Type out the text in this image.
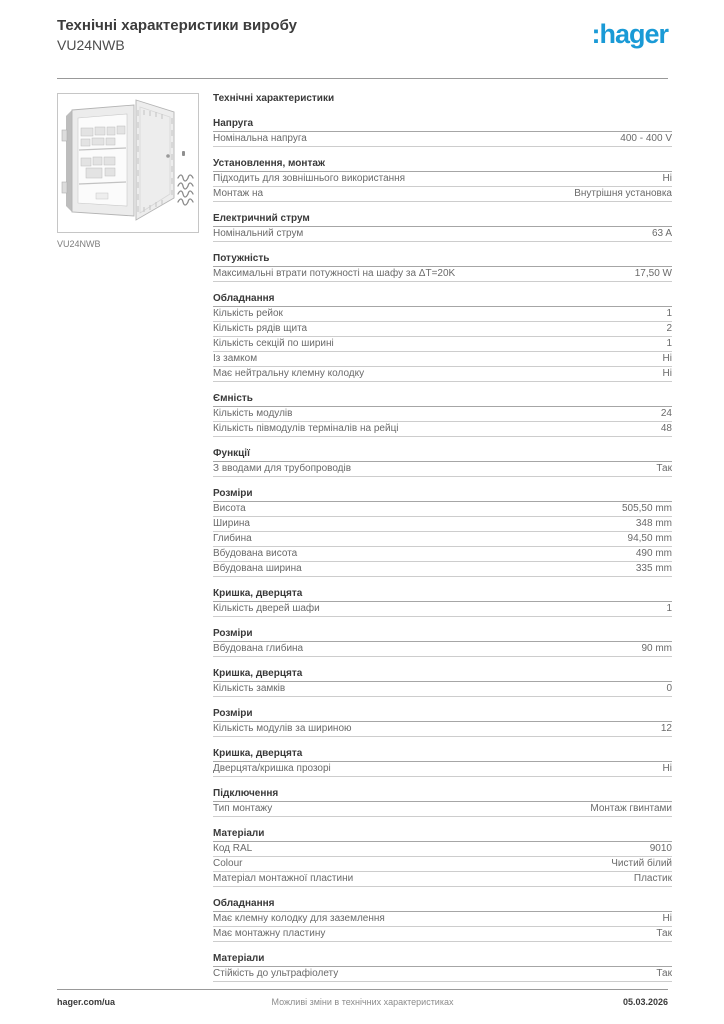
Технічні характеристики виробу
VU24NWB	:hager
VU24NWB
Технічні характеристики
Напруга
Номінальна напруга	400 - 400 V
Установлення, монтаж
Підходить для зовнішнього використання	Ні
Монтаж на	Внутрішня установка
Електричний струм
Номінальний струм	63 A
Потужність
Максимальні втрати потужності на шафу за ΔT=20K	17,50 W
Обладнання
Кількість рейок	1
Кількість рядів щита	2
Кількість секцій по ширині	1
Із замком	Ні
Має нейтральну клемну колодку	Ні
Ємність
Кількість модулів	24
Кількість півмодулів терміналів на рейці	48
Функції
З вводами для трубопроводів	Так
Розміри
Висота	505,50 mm
Ширина	348 mm
Глибина	94,50 mm
Вбудована висота	490 mm
Вбудована ширина	335 mm
Кришка, дверцята
Кількість дверей шафи	1
Розміри
Вбудована глибина	90 mm
Кришка, дверцята
Кількість замків	0
Розміри
Кількість модулів за шириною	12
Кришка, дверцята
Дверцята/кришка прозорі	Ні
Підключення
Тип монтажу	Монтаж гвинтами
Матеріали
Код RAL	9010
Colour	Чистий білий
Матеріал монтажної пластини	Пластик
Обладнання
Має клемну колодку для заземлення	Ні
Має монтажну пластину	Так
Матеріали
Стійкість до ультрафіолету	Так
hager.com/ua	Можливі зміни в технічних характеристиках	05.03.2026
